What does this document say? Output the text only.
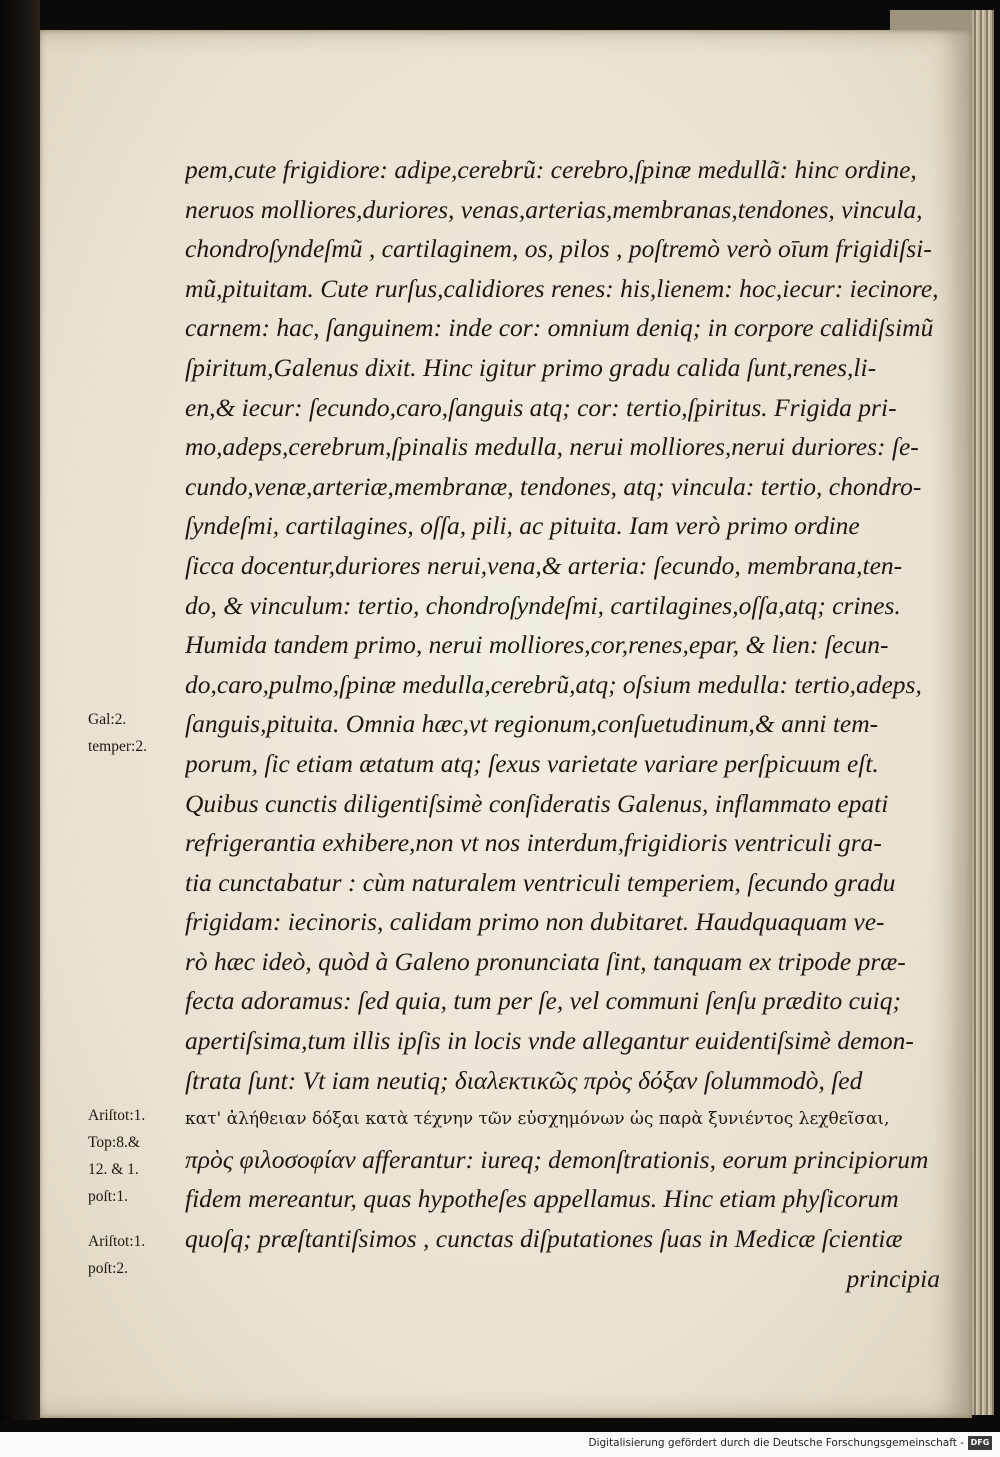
pem,cute frigidiore: adipe,cerebrũ: cerebro,ſpinæ medullã: hinc ordine,
neruos molliores,duriores, venas,arterias,membranas,tendones, vincula,
chondroſyndeſmũ , cartilaginem, os, pilos , poſtremò verò oīum frigidiſsi-
mũ,pituitam. Cute rurſus,calidiores renes: his,lienem: hoc,iecur: iecinore,
carnem: hac, ſanguinem: inde cor: omnium deniq; in corpore calidiſsimũ
ſpiritum,Galenus dixit. Hinc igitur primo gradu calida ſunt,renes,li-
en,& iecur: ſecundo,caro,ſanguis atq; cor: tertio,ſpiritus. Frigida pri-
mo,adeps,cerebrum,ſpinalis medulla, nerui molliores,nerui duriores: ſe-
cundo,venæ,arteriæ,membranæ, tendones, atq; vincula: tertio, chondro-
ſyndeſmi, cartilagines, oſſa, pili, ac pituita. Iam verò primo ordine
ſicca docentur,duriores nerui,vena,& arteria: ſecundo, membrana,ten-
do, & vinculum: tertio, chondroſyndeſmi, cartilagines,oſſa,atq; crines.
Humida tandem primo, nerui molliores,cor,renes,epar, & lien: ſecun-
do,caro,pulmo,ſpinæ medulla,cerebrũ,atq; oſsium medulla: tertio,adeps,
ſanguis,pituita. Omnia hæc,vt regionum,conſuetudinum,& anni tem-
porum, ſic etiam ætatum atq; ſexus varietate variare perſpicuum eſt.
Quibus cunctis diligentiſsimè conſideratis Galenus, inflammato epati
refrigerantia exhibere,non vt nos interdum,frigidioris ventriculi gra-
tia cunctabatur : cùm naturalem ventriculi temperiem, ſecundo gradu
frigidam: iecinoris, calidam primo non dubitaret. Haudquaquam ve-
rò hæc ideò, quòd à Galeno pronunciata ſint, tanquam ex tripode præ-
fecta adoramus: ſed quia, tum per ſe, vel communi ſenſu prædito cuiq;
apertiſsima,tum illis ipſis in locis vnde allegantur euidentiſsimè demon-
ſtrata ſunt: Vt iam neutiq; διαλεκτικῶς πρὸς δόξαν ſolummodò, ſed
κατ' ἀλήθειαν δόξαι κατὰ τέχνην τῶν εὐσχημόνων ὡς παρὰ ξυνιέντος λεχθεῖσαι,
πρὸς φιλοσοφίαν afferantur: iureq; demonſtrationis, eorum principiorum
fidem mereantur, quas hypotheſes appellamus. Hinc etiam phyſicorum
quoſq; præſtantiſsimos , cunctas diſputationes ſuas in Medicæ ſcientiæ
principia
Gal:2.
temper:2.
Ariſtot:1.
Top:8.&
12. & 1.
poſt:1.
Ariſtot:1.
poſt:2.
Digitalisierung gefördert durch die Deutsche Forschungsgemeinschaft - DFG
